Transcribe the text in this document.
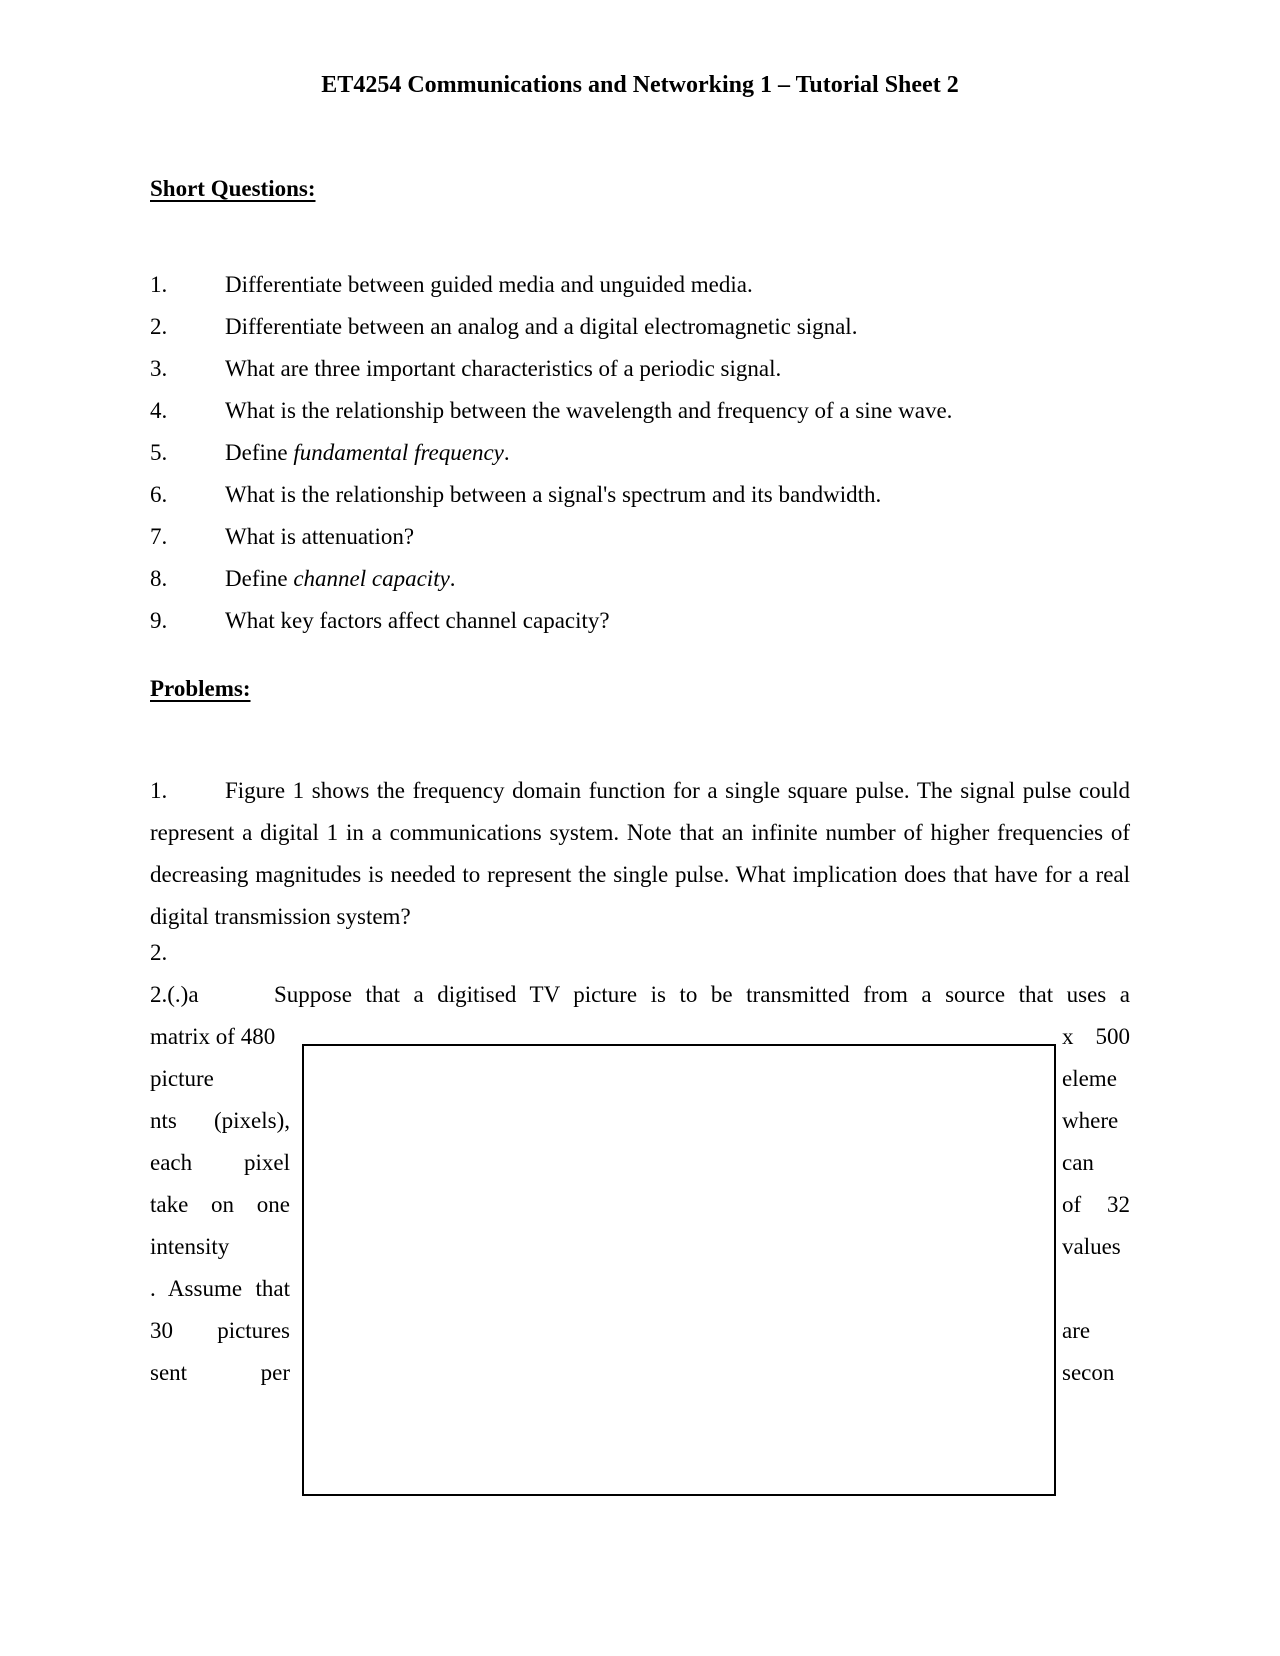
ET4254 Communications and Networking 1 – Tutorial Sheet 2
Short Questions:
1.	Differentiate between guided media and unguided media.
2.	Differentiate between an analog and a digital electromagnetic signal.
3.	What are three important characteristics of a periodic signal.
4.	What is the relationship between the wavelength and frequency of a sine wave.
5.	Define fundamental frequency.
6.	What is the relationship between a signal's spectrum and its bandwidth.
7.	What is attenuation?
8.	Define channel capacity.
9.	What key factors affect channel capacity?
Problems:
1.	Figure 1 shows the frequency domain function for a single square pulse. The signal pulse could represent a digital 1 in a communications system. Note that an infinite number of higher frequencies of decreasing magnitudes is needed to represent the single pulse. What implication does that have for a real digital transmission system?
2.
2.(.)a	Suppose that a digitised TV picture is to be transmitted from a source that uses a
matrix of 480
picture
nts (pixels),
each pixel
take on one
intensity
. Assume that
30 pictures
sent per
x 500
eleme
where
can
of 32
values
are
secon
